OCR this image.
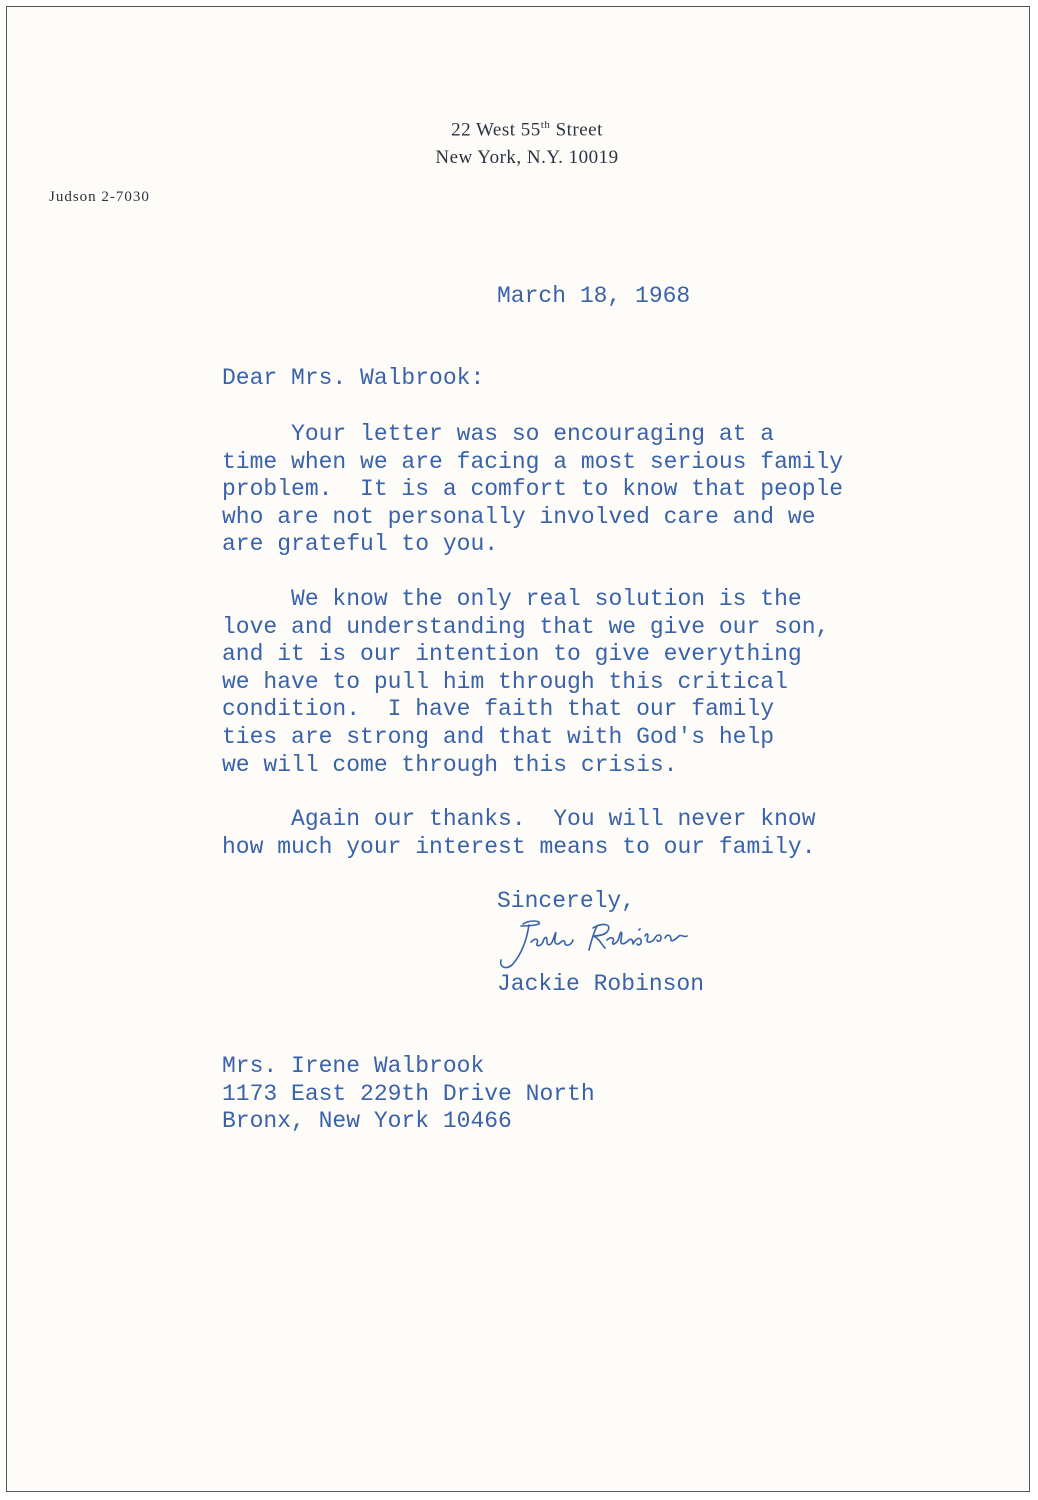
22 West 55th Street
New York, N.Y. 10019
Judson 2-7030
March 18, 1968
Dear Mrs. Walbrook:
Your letter was so encouraging at a
time when we are facing a most serious family
problem.  It is a comfort to know that people
who are not personally involved care and we
are grateful to you.
We know the only real solution is the
love and understanding that we give our son,
and it is our intention to give everything
we have to pull him through this critical
condition.  I have faith that our family
ties are strong and that with God's help
we will come through this crisis.
Again our thanks.  You will never know
how much your interest means to our family.
Sincerely,
Jackie Robinson
Mrs. Irene Walbrook
1173 East 229th Drive North
Bronx, New York 10466
